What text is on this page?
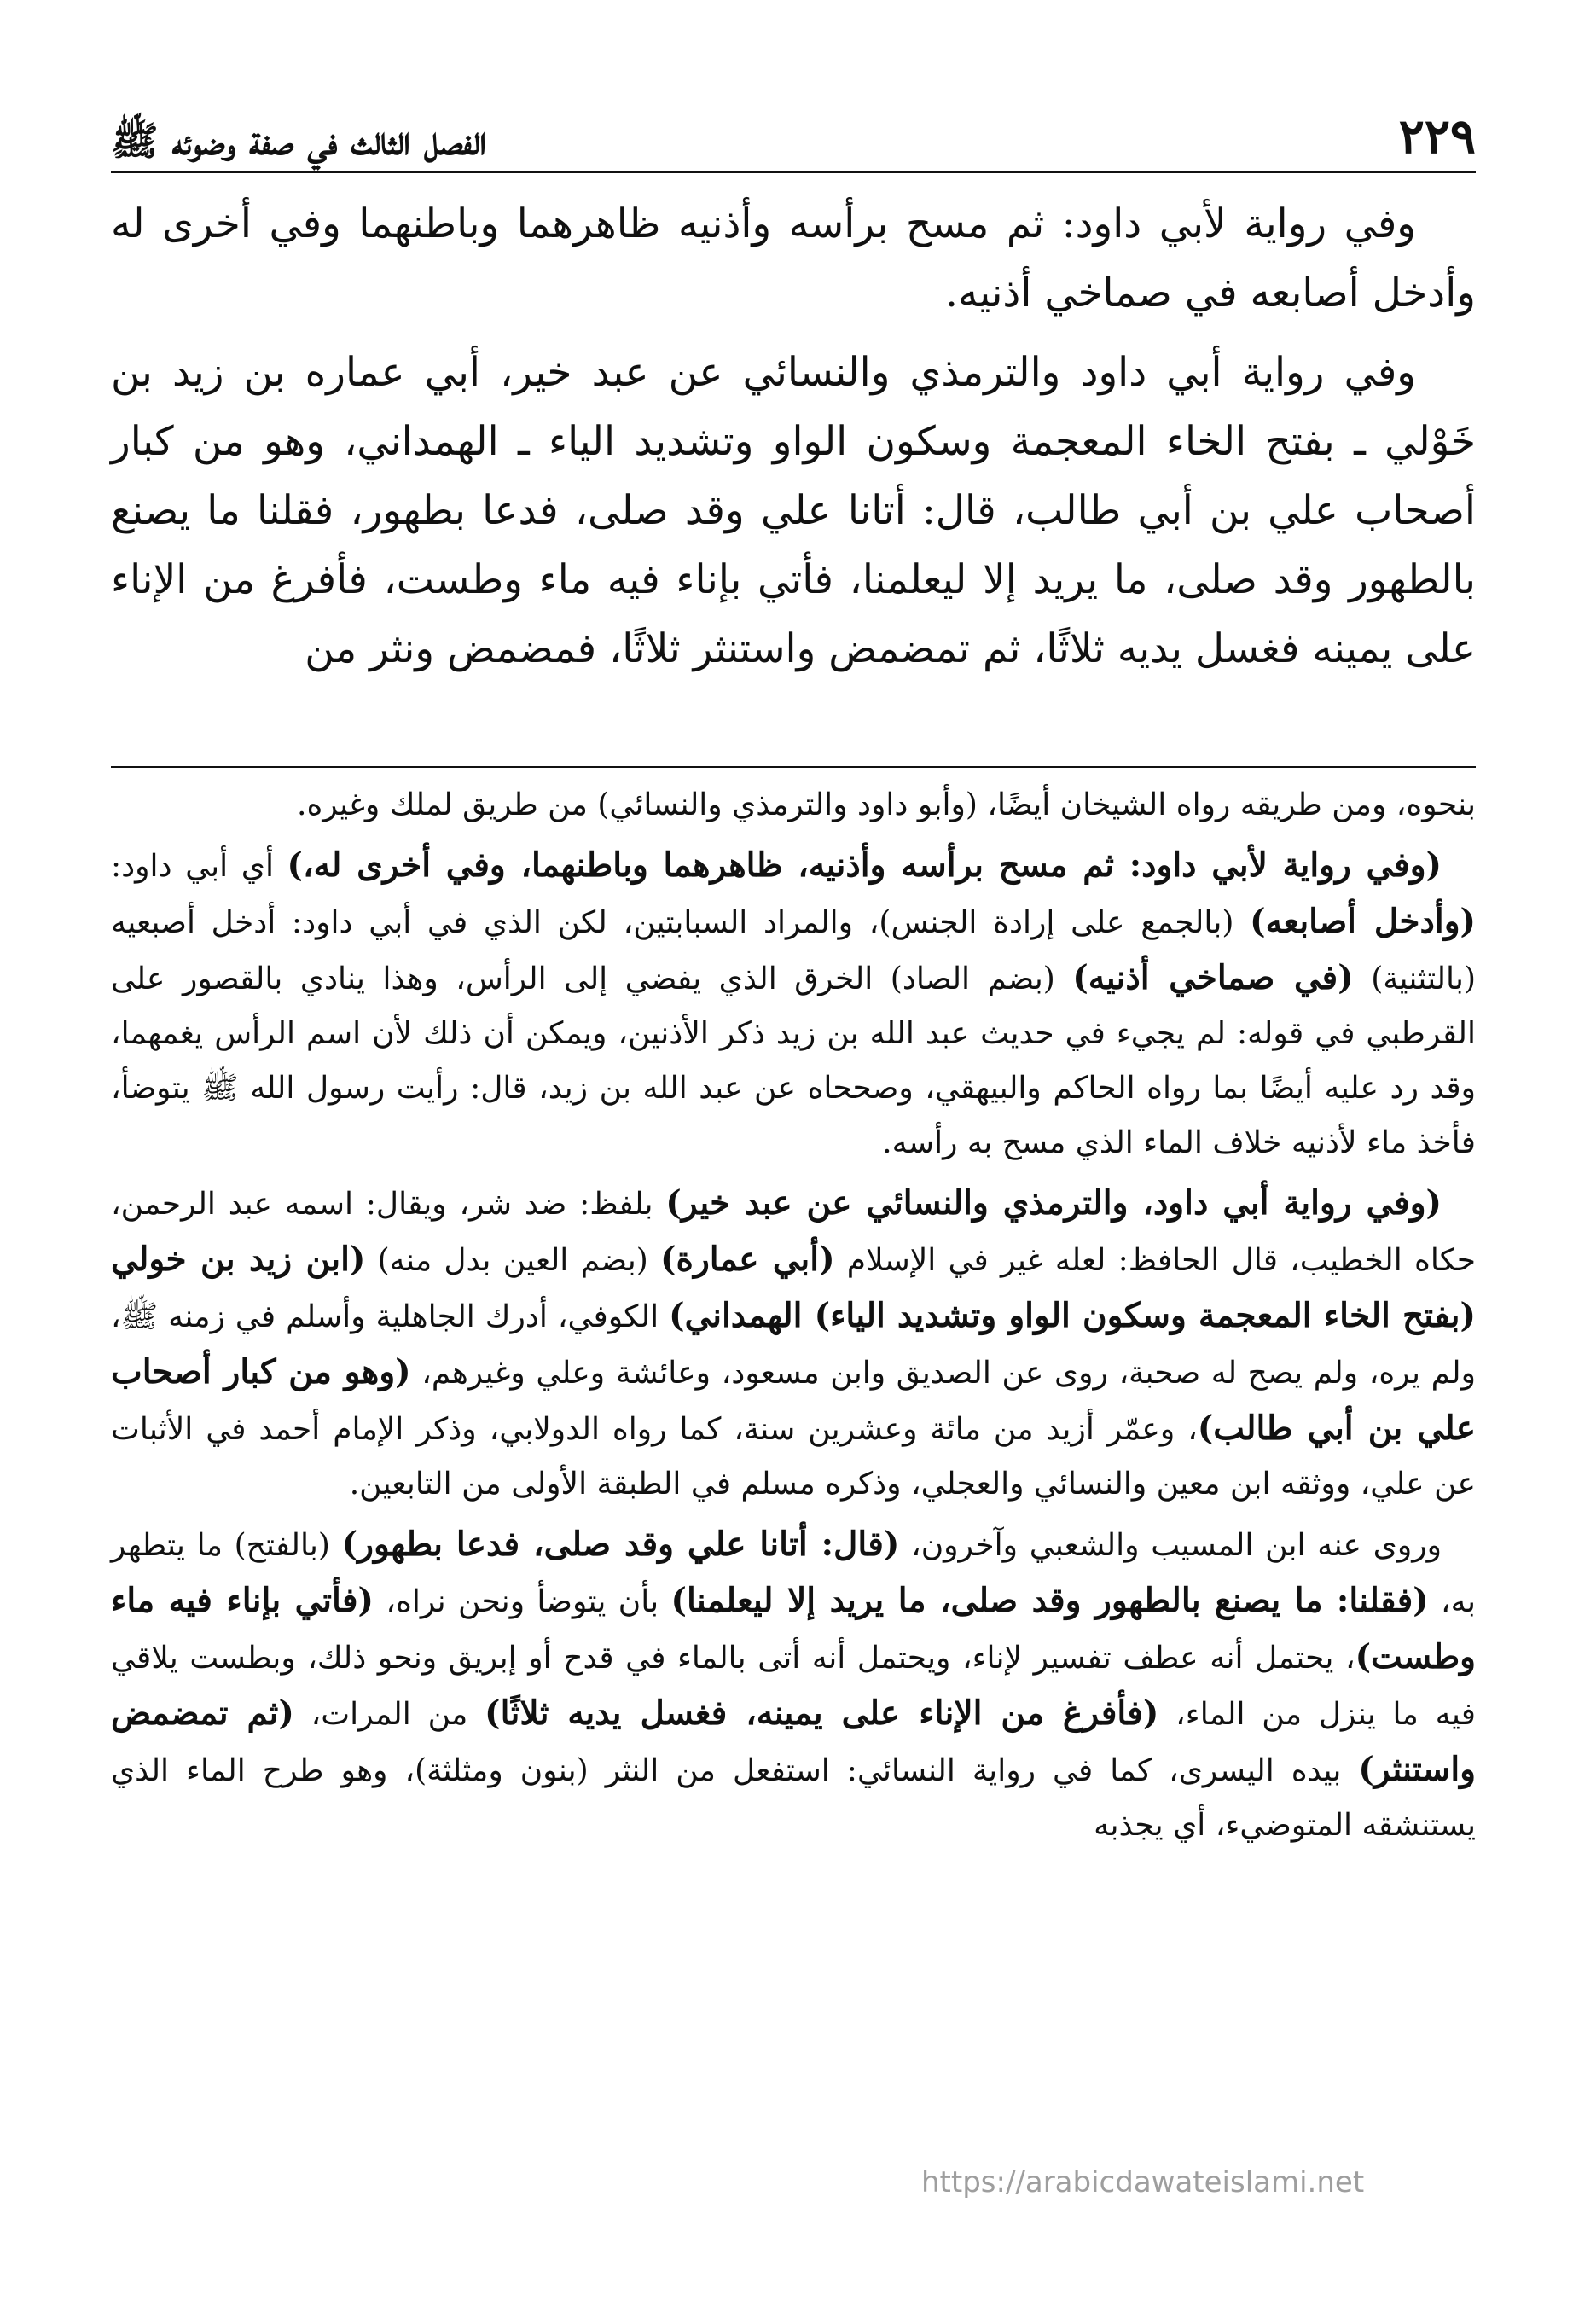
٢٢٩
الفصل الثالث في صفة وضوئه ﷺ

وفي رواية لأبي داود: ثم مسح برأسه وأذنيه ظاهرهما وباطنهما وفي أخرى له وأدخل أصابعه في صماخي أذنيه.

وفي رواية أبي داود والترمذي والنسائي عن عبد خير، أبي عماره بن زيد بن خَوْلي ـ بفتح الخاء المعجمة وسكون الواو وتشديد الياء ـ الهمداني، وهو من كبار أصحاب علي بن أبي طالب، قال: أتانا علي وقد صلى، فدعا بطهور، فقلنا ما يصنع بالطهور وقد صلى، ما يريد إلا ليعلمنا، فأتي بإناء فيه ماء وطست، فأفرغ من الإناء على يمينه فغسل يديه ثلاثًا، ثم تمضمض واستنثر ثلاثًا، فمضمض ونثر من

بنحوه، ومن طريقه رواه الشيخان أيضًا، (وأبو داود والترمذي والنسائي) من طريق لملك وغيره.

(وفي رواية لأبي داود: ثم مسح برأسه وأذنيه، ظاهرهما وباطنهما، وفي أخرى له،) أي أبي داود: (وأدخل أصابعه) (بالجمع على إرادة الجنس)، والمراد السبابتين، لكن الذي في أبي داود: أدخل أصبعيه (بالتثنية) (في صماخي أذنيه) (بضم الصاد) الخرق الذي يفضي إلى الرأس، وهذا ينادي بالقصور على القرطبي في قوله: لم يجيء في حديث عبد الله بن زيد ذكر الأذنين، ويمكن أن ذلك لأن اسم الرأس يغمهما، وقد رد عليه أيضًا بما رواه الحاكم والبيهقي، وصححاه عن عبد الله بن زيد، قال: رأيت رسول الله ﷺ يتوضأ، فأخذ ماء لأذنيه خلاف الماء الذي مسح به رأسه.

(وفي رواية أبي داود، والترمذي والنسائي عن عبد خير) بلفظ: ضد شر، ويقال: اسمه عبد الرحمن، حكاه الخطيب، قال الحافظ: لعله غير في الإسلام (أبي عمارة) (بضم العين بدل منه) (ابن زيد بن خولي (بفتح الخاء المعجمة وسكون الواو وتشديد الياء) الهمداني) الكوفي، أدرك الجاهلية وأسلم في زمنه ﷺ، ولم يره، ولم يصح له صحبة، روى عن الصديق وابن مسعود، وعائشة وعلي وغيرهم، (وهو من كبار أصحاب علي بن أبي طالب)، وعمّر أزيد من مائة وعشرين سنة، كما رواه الدولابي، وذكر الإمام أحمد في الأثبات عن علي، ووثقه ابن معين والنسائي والعجلي، وذكره مسلم في الطبقة الأولى من التابعين.

وروى عنه ابن المسيب والشعبي وآخرون، (قال: أتانا علي وقد صلى، فدعا بطهور) (بالفتح) ما يتطهر به، (فقلنا: ما يصنع بالطهور وقد صلى، ما يريد إلا ليعلمنا) بأن يتوضأ ونحن نراه، (فأتي بإناء فيه ماء وطست)، يحتمل أنه عطف تفسير لإناء، ويحتمل أنه أتى بالماء في قدح أو إبريق ونحو ذلك، وبطست يلاقي فيه ما ينزل من الماء، (فأفرغ من الإناء على يمينه، فغسل يديه ثلاثًا) من المرات، (ثم تمضمض واستنثر) بيده اليسرى، كما في رواية النسائي: استفعل من النثر (بنون ومثلثة)، وهو طرح الماء الذي يستنشقه المتوضيء، أي يجذبه

https://arabicdawateislami.net
